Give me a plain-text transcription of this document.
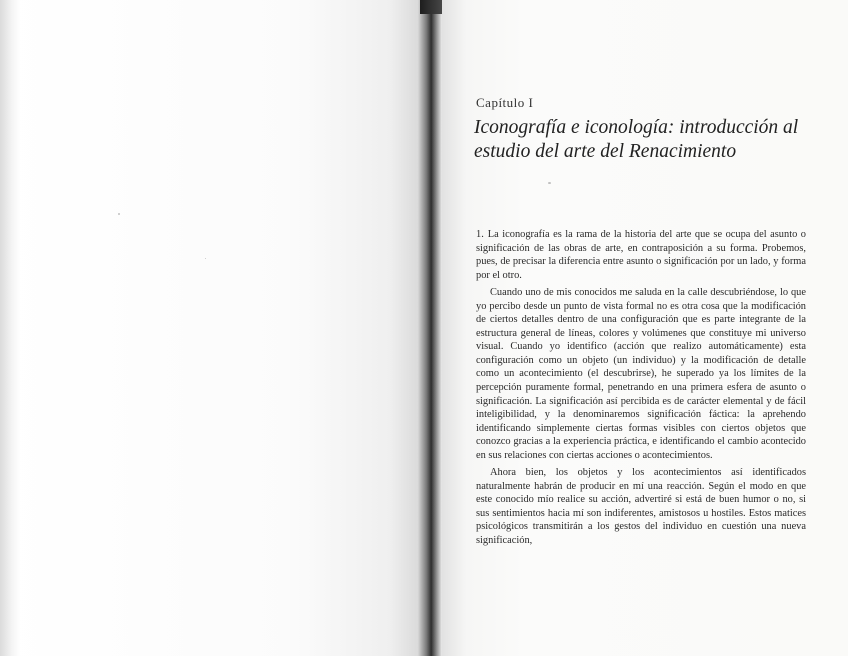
Capítulo I
Iconografía e iconología: introducción al
estudio del arte del Renacimiento

1. La iconografía es la rama de la historia del arte que se ocupa del asunto o significación de las obras de arte, en contraposición a su forma. Probemos, pues, de precisar la diferencia entre asunto o significación por un lado, y forma por el otro.

Cuando uno de mis conocidos me saluda en la calle descubriéndose, lo que yo percibo desde un punto de vista formal no es otra cosa que la modificación de ciertos detalles dentro de una configuración que es parte integrante de la estructura general de líneas, colores y volúmenes que constituye mi universo visual. Cuando yo identifico (acción que realizo automáticamente) esta configuración como un objeto (un individuo) y la modificación de detalle como un acontecimiento (el descubrirse), he superado ya los límites de la percepción puramente formal, penetrando en una primera esfera de asunto o significación. La significación así percibida es de carácter elemental y de fácil inteligibilidad, y la denominaremos significación fáctica: la aprehendo identificando simplemente ciertas formas visibles con ciertos objetos que conozco gracias a la experiencia práctica, e identificando el cambio acontecido en sus relaciones con ciertas acciones o acontecimientos.

Ahora bien, los objetos y los acontecimientos así identificados naturalmente habrán de producir en mí una reacción. Según el modo en que este conocido mío realice su acción, advertiré si está de buen humor o no, si sus sentimientos hacia mí son indiferentes, amistosos u hostiles. Estos matices psicológicos transmitirán a los gestos del individuo en cuestión una nueva significación,
